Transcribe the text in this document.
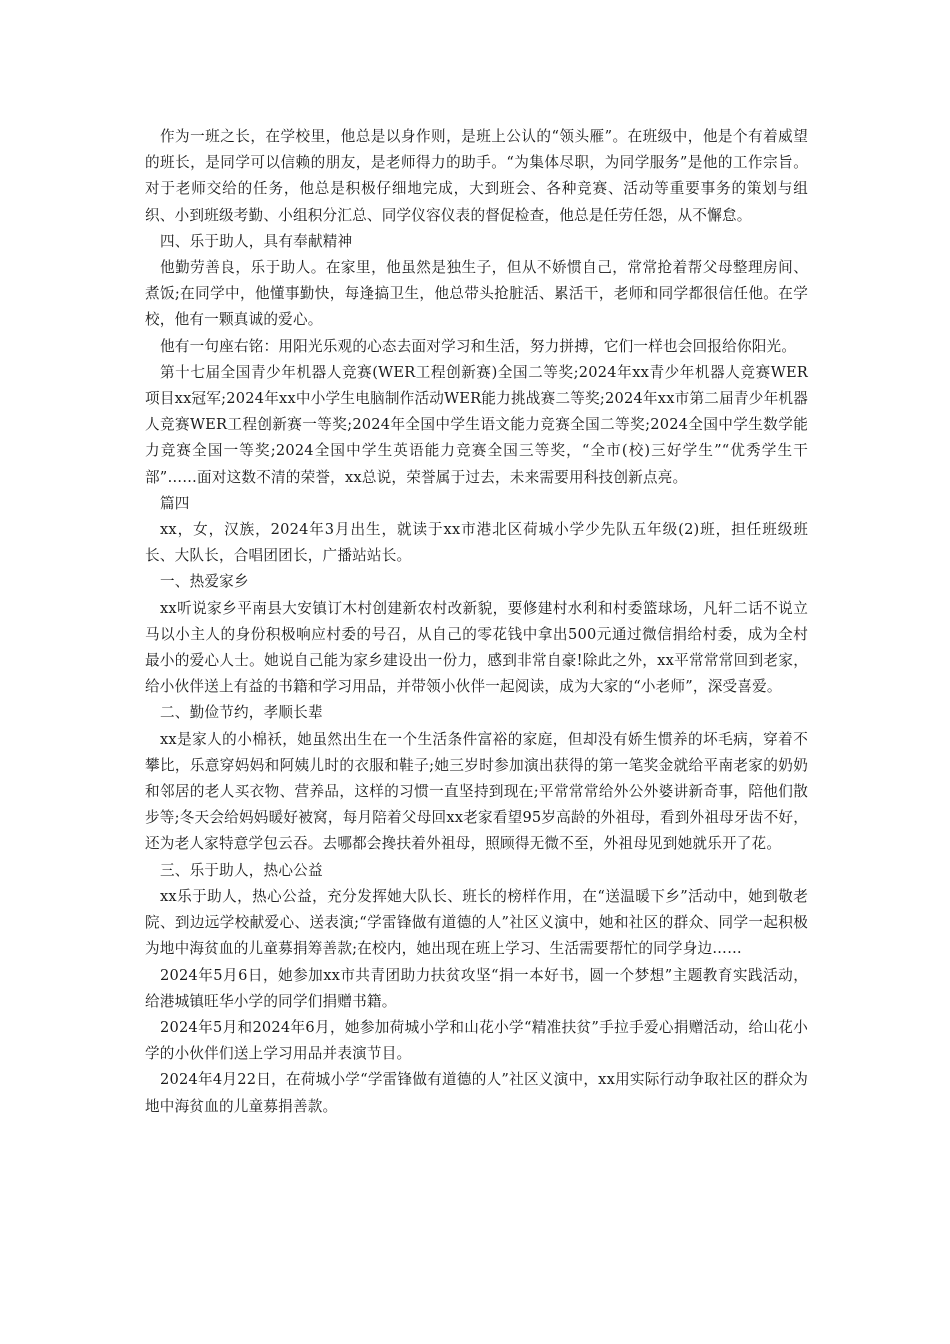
作为一班之长，在学校里，他总是以身作则，是班上公认的“领头雁”。在班级中，他是个有着威望的班长，是同学可以信赖的朋友，是老师得力的助手。“为集体尽职，为同学服务”是他的工作宗旨。对于老师交给的任务，他总是积极仔细地完成，大到班会、各种竞赛、活动等重要事务的策划与组织、小到班级考勤、小组积分汇总、同学仪容仪表的督促检查，他总是任劳任怨，从不懈怠。

四、乐于助人，具有奉献精神

他勤劳善良，乐于助人。在家里，他虽然是独生子，但从不娇惯自己，常常抢着帮父母整理房间、煮饭;在同学中，他懂事勤快，每逢搞卫生，他总带头抢脏活、累活干，老师和同学都很信任他。在学校，他有一颗真诚的爱心。

他有一句座右铭：用阳光乐观的心态去面对学习和生活，努力拼搏，它们一样也会回报给你阳光。

第十七届全国青少年机器人竞赛(WER工程创新赛)全国二等奖;2024年xx青少年机器人竞赛WER项目xx冠军;2024年xx中小学生电脑制作活动WER能力挑战赛二等奖;2024年xx市第二届青少年机器人竞赛WER工程创新赛一等奖;2024年全国中学生语文能力竞赛全国二等奖;2024全国中学生数学能力竞赛全国一等奖;2024全国中学生英语能力竞赛全国三等奖，“全市(校)三好学生”“优秀学生干部”……面对这数不清的荣誉，xx总说，荣誉属于过去，未来需要用科技创新点亮。

篇四

xx，女，汉族，2024年3月出生，就读于xx市港北区荷城小学少先队五年级(2)班，担任班级班长、大队长，合唱团团长，广播站站长。

一、热爱家乡

xx听说家乡平南县大安镇订木村创建新农村改新貌，要修建村水利和村委篮球场，凡轩二话不说立马以小主人的身份积极响应村委的号召，从自己的零花钱中拿出500元通过微信捐给村委，成为全村最小的爱心人士。她说自己能为家乡建设出一份力，感到非常自豪!除此之外，xx平常常常回到老家，给小伙伴送上有益的书籍和学习用品，并带领小伙伴一起阅读，成为大家的“小老师”，深受喜爱。

二、勤俭节约，孝顺长辈

xx是家人的小棉袄，她虽然出生在一个生活条件富裕的家庭，但却没有娇生惯养的坏毛病，穿着不攀比，乐意穿妈妈和阿姨儿时的衣服和鞋子;她三岁时参加演出获得的第一笔奖金就给平南老家的奶奶和邻居的老人买衣物、营养品，这样的习惯一直坚持到现在;平常常常给外公外婆讲新奇事，陪他们散步等;冬天会给妈妈暖好被窝，每月陪着父母回xx老家看望95岁高龄的外祖母，看到外祖母牙齿不好，还为老人家特意学包云吞。去哪都会搀扶着外祖母，照顾得无微不至，外祖母见到她就乐开了花。

三、乐于助人，热心公益

xx乐于助人，热心公益，充分发挥她大队长、班长的榜样作用，在“送温暖下乡”活动中，她到敬老院、到边远学校献爱心、送表演;“学雷锋做有道德的人”社区义演中，她和社区的群众、同学一起积极为地中海贫血的儿童募捐筹善款;在校内，她出现在班上学习、生活需要帮忙的同学身边……

2024年5月6日，她参加xx市共青团助力扶贫攻坚“捐一本好书，圆一个梦想”主题教育实践活动，给港城镇旺华小学的同学们捐赠书籍。

2024年5月和2024年6月，她参加荷城小学和山花小学“精准扶贫”手拉手爱心捐赠活动，给山花小学的小伙伴们送上学习用品并表演节目。

2024年4月22日，在荷城小学“学雷锋做有道德的人”社区义演中，xx用实际行动争取社区的群众为地中海贫血的儿童募捐善款。
